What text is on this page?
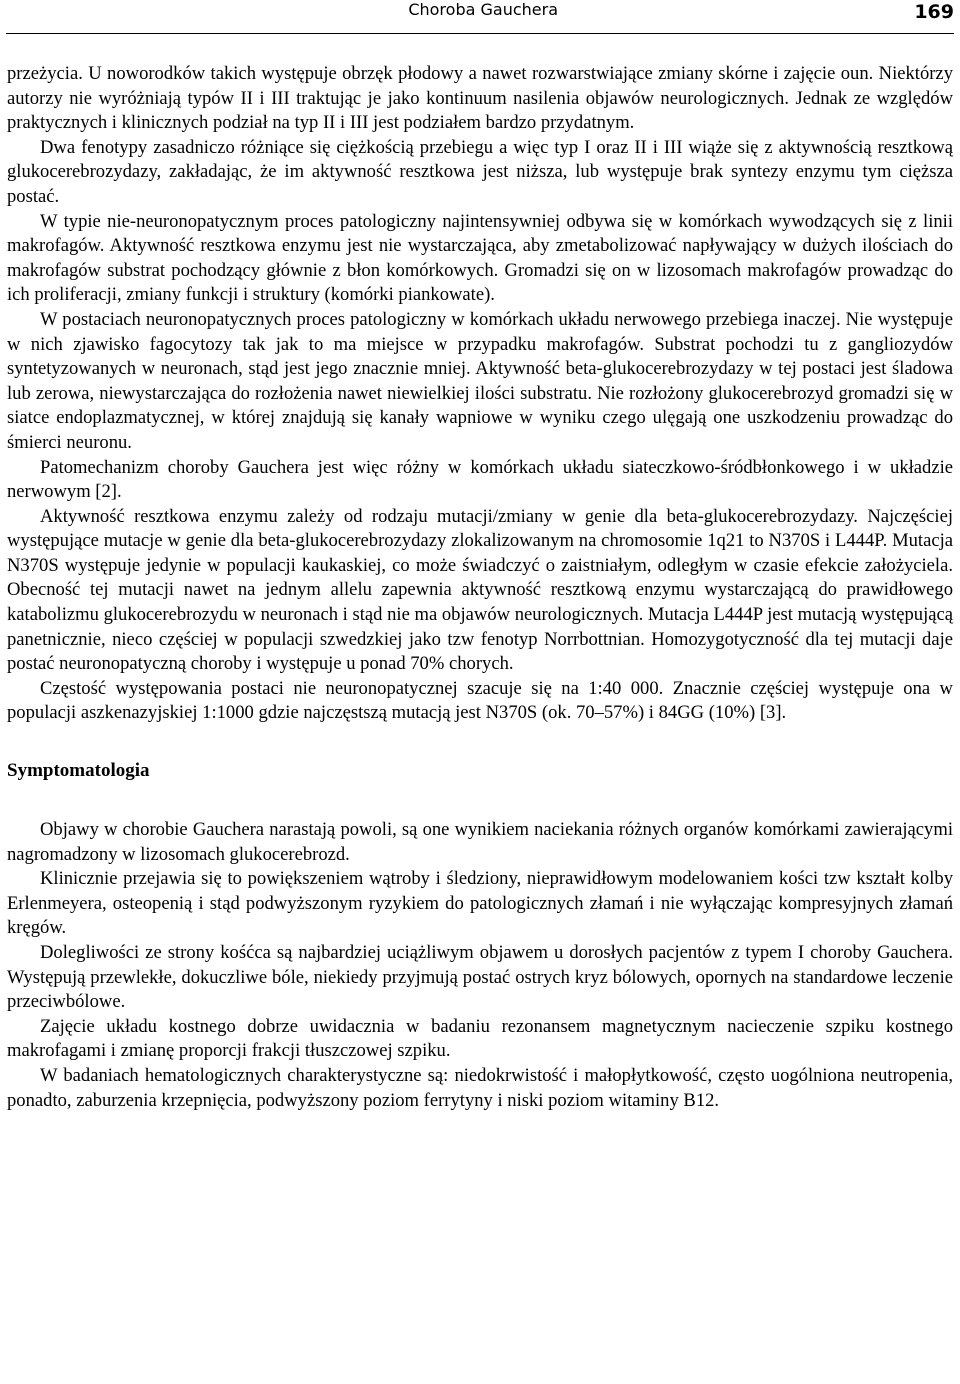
Choroba Gauchera	169

przeżycia. U noworodków takich występuje obrzęk płodowy a nawet rozwarstwiające zmiany skórne i zajęcie oun. Niektórzy autorzy nie wyróżniają typów II i III traktując je jako kontinuum nasilenia objawów neurologicznych. Jednak ze względów praktycznych i klinicznych podział na typ II i III jest podziałem bardzo przydatnym.

Dwa fenotypy zasadniczo różniące się ciężkością przebiegu a więc typ I oraz II i III wiąże się z aktywnością resztkową glukocerebrozydazy, zakładając, że im aktywność resztkowa jest niższa, lub występuje brak syntezy enzymu tym cięższa postać.

W typie nie-neuronopatycznym proces patologiczny najintensywniej odbywa się w komórkach wywodzących się z linii makrofagów. Aktywność resztkowa enzymu jest nie wystarczająca, aby zmetabolizować napływający w dużych ilościach do makrofagów substrat pochodzący głównie z błon komórkowych. Gromadzi się on w lizosomach makrofagów prowadząc do ich proliferacji, zmiany funkcji i struktury (komórki piankowate).

W postaciach neuronopatycznych proces patologiczny w komórkach układu nerwowego przebiega inaczej. Nie występuje w nich zjawisko fagocytozy tak jak to ma miejsce w przypadku makrofagów. Substrat pochodzi tu z gangliozydów syntetyzowanych w neuronach, stąd jest jego znacznie mniej. Aktywność beta-glukocerebrozydazy w tej postaci jest śladowa lub zerowa, niewystarczająca do rozłożenia nawet niewielkiej ilości substratu. Nie rozłożony glukocerebrozyd gromadzi się w siatce endoplazmatycznej, w której znajdują się kanały wapniowe w wyniku czego ulęgają one uszkodzeniu prowadząc do śmierci neuronu.

Patomechanizm choroby Gauchera jest więc różny w komórkach układu siateczkowo-śródbłonkowego i w układzie nerwowym [2].

Aktywność resztkowa enzymu zależy od rodzaju mutacji/zmiany w genie dla beta-glukocerebrozydazy. Najczęściej występujące mutacje w genie dla beta-glukocerebrozydazy zlokalizowanym na chromosomie 1q21 to N370S i L444P. Mutacja N370S występuje jedynie w populacji kaukaskiej, co może świadczyć o zaistniałym, odległym w czasie efekcie założyciela. Obecność tej mutacji nawet na jednym allelu zapewnia aktywność resztkową enzymu wystarczającą do prawidłowego katabolizmu glukocerebrozydu w neuronach i stąd nie ma objawów neurologicznych. Mutacja L444P jest mutacją występującą panetnicznie, nieco częściej w populacji szwedzkiej jako tzw fenotyp Norrbottnian. Homozygotyczność dla tej mutacji daje postać neuronopatyczną choroby i występuje u ponad 70% chorych.

Częstość występowania postaci nie neuronopatycznej szacuje się na 1:40 000. Znacznie częściej występuje ona w populacji aszkenazyjskiej 1:1000 gdzie najczęstszą mutacją jest N370S (ok. 70–57%) i 84GG (10%) [3].

Symptomatologia

Objawy w chorobie Gauchera narastają powoli, są one wynikiem naciekania różnych organów komórkami zawierającymi nagromadzony w lizosomach glukocerebrozd.

Klinicznie przejawia się to powiększeniem wątroby i śledziony, nieprawidłowym modelowaniem kości tzw kształt kolby Erlenmeyera, osteopenią i stąd podwyższonym ryzykiem do patologicznych złamań i nie wyłączając kompresyjnych złamań kręgów.

Dolegliwości ze strony kośćca są najbardziej uciążliwym objawem u dorosłych pacjentów z typem I choroby Gauchera. Występują przewlekłe, dokuczliwe bóle, niekiedy przyjmują postać ostrych kryz bólowych, opornych na standardowe leczenie przeciwbólowe.

Zajęcie układu kostnego dobrze uwidacznia w badaniu rezonansem magnetycznym nacieczenie szpiku kostnego makrofagami i zmianę proporcji frakcji tłuszczowej szpiku.

W badaniach hematologicznych charakterystyczne są: niedokrwistość i małopłytkowość, często uogólniona neutropenia, ponadto, zaburzenia krzepnięcia, podwyższony poziom ferrytyny i niski poziom witaminy B12.
